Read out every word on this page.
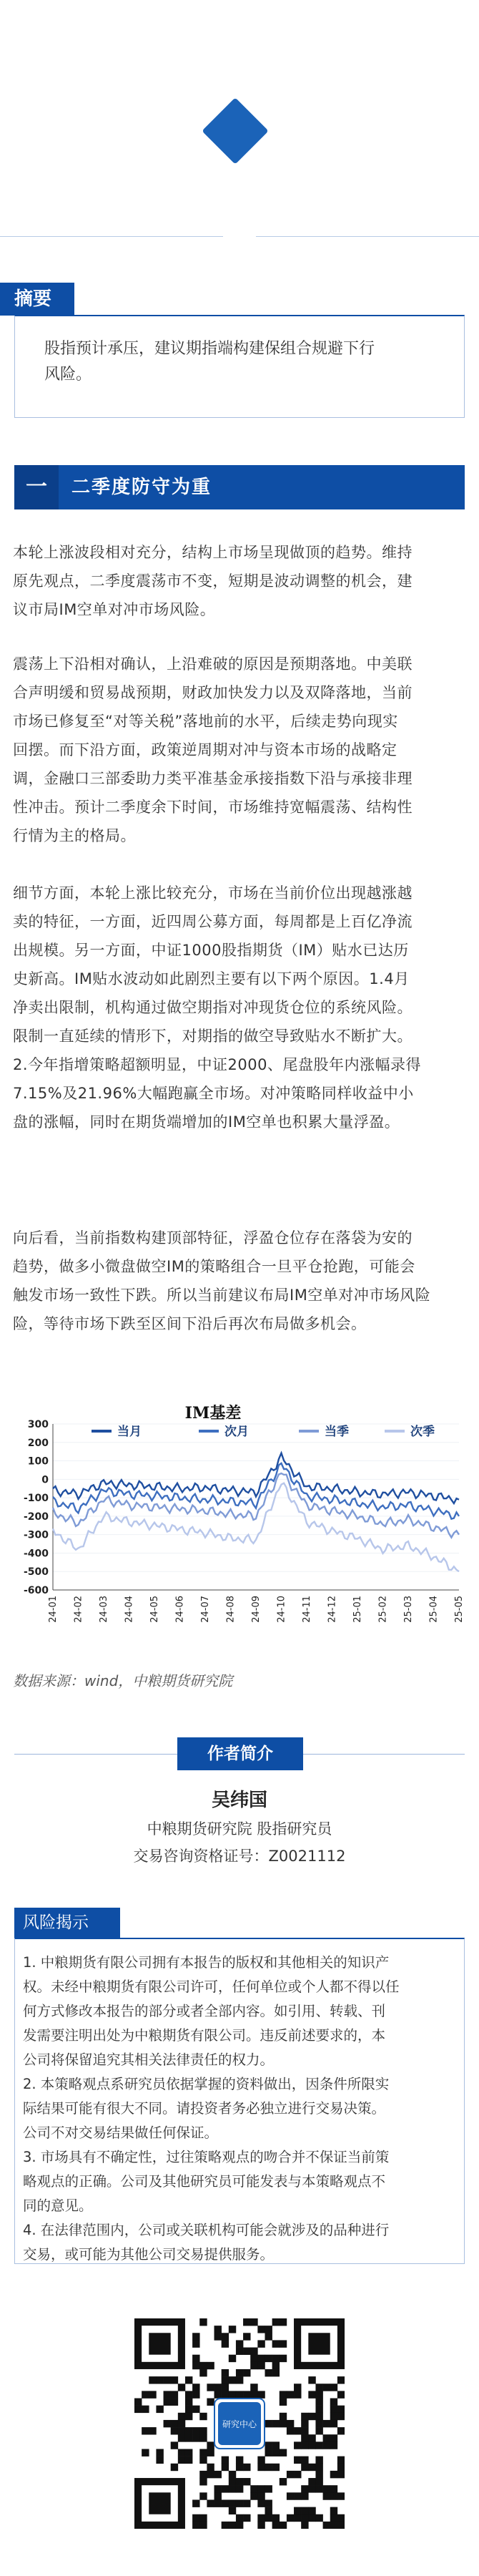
摘要
股指预计承压，建议期指端构建保组合规避下行
风险。
一	二季度防守为重
本轮上涨波段相对充分，结构上市场呈现做顶的趋势。维持
原先观点，二季度震荡市不变，短期是波动调整的机会，建
议市局IM空单对冲市场风险。
震荡上下沿相对确认，上沿难破的原因是预期落地。中美联
合声明缓和贸易战预期，财政加快发力以及双降落地，当前
市场已修复至“对等关税”落地前的水平，后续走势向现实
回摆。而下沿方面，政策逆周期对冲与资本市场的战略定
调，金融口三部委助力类平准基金承接指数下沿与承接非理
性冲击。预计二季度余下时间，市场维持宽幅震荡、结构性
行情为主的格局。
细节方面，本轮上涨比较充分，市场在当前价位出现越涨越
卖的特征，一方面，近四周公募方面，每周都是上百亿净流
出规模。另一方面，中证1000股指期货（IM）贴水已达历
史新高。IM贴水波动如此剧烈主要有以下两个原因。1.4月
净卖出限制，机构通过做空期指对冲现货仓位的系统风险。
限制一直延续的情形下，对期指的做空导致贴水不断扩大。
2.今年指增策略超额明显，中证2000、尾盘股年内涨幅录得
7.15%及21.96%大幅跑赢全市场。对冲策略同样收益中小
盘的涨幅，同时在期货端增加的IM空单也积累大量浮盈。
向后看，当前指数构建顶部特征，浮盈仓位存在落袋为安的
趋势，做多小微盘做空IM的策略组合一旦平仓抢跑，可能会
触发市场一致性下跌。所以当前建议布局IM空单对冲市场风险
险，等待市场下跌至区间下沿后再次布局做多机会。
300
200
100
0
-100
-200
-300
-400
-500
-600
24-01 24-02 24-03 24-04 24-05 24-06 24-07 24-08 24-09 24-10 24-11 24-12 25-01 25-02 25-03 25-04 25-05
IM基差
当月	次月	当季	次季
数据来源：wind，中粮期货研究院
作者简介
吴纬国
中粮期货研究院 股指研究员
交易咨询资格证号：Z0021112
风险揭示
1. 中粮期货有限公司拥有本报告的版权和其他相关的知识产
权。未经中粮期货有限公司许可，任何单位或个人都不得以任
何方式修改本报告的部分或者全部内容。如引用、转载、刊
发需要注明出处为中粮期货有限公司。违反前述要求的，本
公司将保留追究其相关法律责任的权力。
2. 本策略观点系研究员依据掌握的资料做出，因条件所限实
际结果可能有很大不同。请投资者务必独立进行交易决策。
公司不对交易结果做任何保证。
3. 市场具有不确定性，过往策略观点的吻合并不保证当前策
略观点的正确。公司及其他研究员可能发表与本策略观点不
同的意见。
4. 在法律范围内，公司或关联机构可能会就涉及的品种进行
交易，或可能为其他公司交易提供服务。
研究中心
